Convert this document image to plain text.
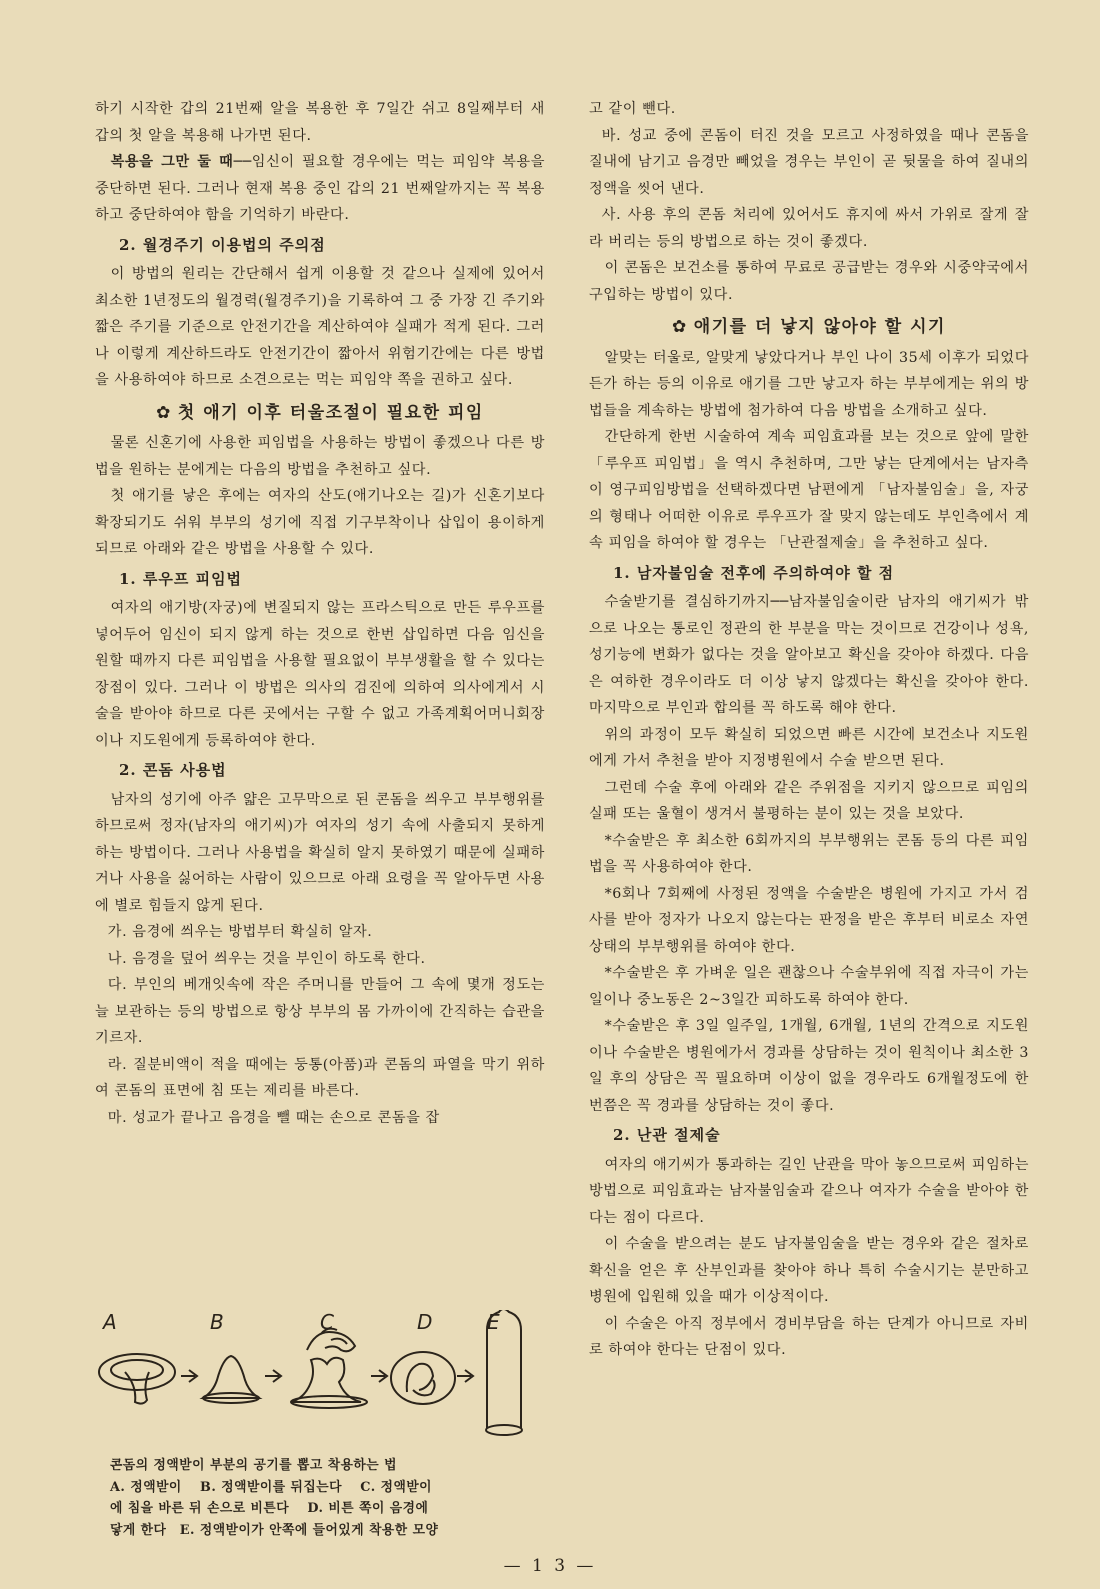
하기 시작한 갑의 21번째 알을 복용한 후 7일간 쉬고 8일째부터 새 갑의 첫 알을 복용해 나가면 된다.

복용을 그만 둘 때──임신이 필요할 경우에는 먹는 피임약 복용을 중단하면 된다. 그러나 현재 복용 중인 갑의 21 번째알까지는 꼭 복용하고 중단하여야 함을 기억하기 바란다.

2. 월경주기 이용법의 주의점

이 방법의 원리는 간단해서 쉽게 이용할 것 같으나 실제에 있어서 최소한 1년정도의 월경력(월경주기)을 기록하여 그 중 가장 긴 주기와 짧은 주기를 기준으로 안전기간을 계산하여야 실패가 적게 된다. 그러나 이렇게 계산하드라도 안전기간이 짧아서 위험기간에는 다른 방법을 사용하여야 하므로 소견으로는 먹는 피임약 쪽을 권하고 싶다.

✿ 첫 애기 이후 터울조절이 필요한 피임

물론 신혼기에 사용한 피임법을 사용하는 방법이 좋겠으나 다른 방법을 원하는 분에게는 다음의 방법을 추천하고 싶다.

첫 애기를 낳은 후에는 여자의 산도(애기나오는 길)가 신혼기보다 확장되기도 쉬워 부부의 성기에 직접 기구부착이나 삽입이 용이하게 되므로 아래와 같은 방법을 사용할 수 있다.

1. 루우프 피임법

여자의 애기방(자궁)에 변질되지 않는 프라스틱으로 만든 루우프를 넣어두어 임신이 되지 않게 하는 것으로 한번 삽입하면 다음 임신을 원할 때까지 다른 피임법을 사용할 필요없이 부부생활을 할 수 있다는 장점이 있다. 그러나 이 방법은 의사의 검진에 의하여 의사에게서 시술을 받아야 하므로 다른 곳에서는 구할 수 없고 가족계획어머니회장이나 지도원에게 등록하여야 한다.

2. 콘돔 사용법

남자의 성기에 아주 얇은 고무막으로 된 콘돔을 씌우고 부부행위를 하므로써 정자(남자의 애기씨)가 여자의 성기 속에 사출되지 못하게 하는 방법이다. 그러나 사용법을 확실히 알지 못하였기 때문에 실패하거나 사용을 싫어하는 사람이 있으므로 아래 요령을 꼭 알아두면 사용에 별로 힘들지 않게 된다.

가. 음경에 씌우는 방법부터 확실히 알자.

나. 음경을 덮어 씌우는 것을 부인이 하도록 한다.

다. 부인의 베개잇속에 작은 주머니를 만들어 그 속에 몇개 정도는 늘 보관하는 등의 방법으로 항상 부부의 몸 가까이에 간직하는 습관을 기르자.

라. 질분비액이 적을 때에는 둥통(아품)과 콘돔의 파열을 막기 위하여 콘돔의 표면에 침 또는 제리를 바른다.

마. 성교가 끝나고 음경을 뺄 때는 손으로 콘돔을 잡

A	B	C	D	E

콘돔의 정액받이 부분의 공기를 뽑고 착용하는 법

A. 정액받이　 B. 정액받이를 뒤집는다　 C. 정액받이

에 침을 바른 뒤 손으로 비튼다　 D. 비튼 쪽이 음경에

닿게 한다　E. 정액받이가 안쪽에 들어있게 착용한 모양

고 같이 뺀다.

바. 성교 중에 콘돔이 터진 것을 모르고 사정하였을 때나 콘돔을 질내에 남기고 음경만 빼었을 경우는 부인이 곧 뒷물을 하여 질내의 정액을 씻어 낸다.

사. 사용 후의 콘돔 처리에 있어서도 휴지에 싸서 가위로 잘게 잘라 버리는 등의 방법으로 하는 것이 좋겠다.

이 콘돔은 보건소를 통하여 무료로 공급받는 경우와 시중약국에서 구입하는 방법이 있다.

✿ 애기를 더 낳지 않아야 할 시기

알맞는 터울로, 알맞게 낳았다거나 부인 나이 35세 이후가 되었다든가 하는 등의 이유로 애기를 그만 낳고자 하는 부부에게는 위의 방법들을 계속하는 방법에 첨가하여 다음 방법을 소개하고 싶다.

간단하게 한번 시술하여 계속 피임효과를 보는 것으로 앞에 말한 「루우프 피임법」을 역시 추천하며, 그만 낳는 단계에서는 남자측이 영구피임방법을 선택하겠다면 남편에게 「남자불임술」을, 자궁의 형태나 어떠한 이유로 루우프가 잘 맞지 않는데도 부인측에서 계속 피임을 하여야 할 경우는 「난관절제술」을 추천하고 싶다.

1. 남자불임술 전후에 주의하여야 할 점

수술받기를 결심하기까지──남자불임술이란 남자의 애기씨가 밖으로 나오는 통로인 정관의 한 부분을 막는 것이므로 건강이나 성욕, 성기능에 변화가 없다는 것을 알아보고 확신을 갖아야 하겠다. 다음은 여하한 경우이라도 더 이상 낳지 않겠다는 확신을 갖아야 한다. 마지막으로 부인과 합의를 꼭 하도록 해야 한다.

위의 과정이 모두 확실히 되었으면 빠른 시간에 보건소나 지도원에게 가서 추천을 받아 지정병원에서 수술 받으면 된다.

그런데 수술 후에 아래와 같은 주위점을 지키지 않으므로 피임의 실패 또는 울혈이 생겨서 불평하는 분이 있는 것을 보았다.

*수술받은 후 최소한 6회까지의 부부행위는 콘돔 등의 다른 피임법을 꼭 사용하여야 한다.

*6회나 7회째에 사정된 정액을 수술받은 병원에 가지고 가서 검사를 받아 정자가 나오지 않는다는 판정을 받은 후부터 비로소 자연상태의 부부행위를 하여야 한다.

*수술받은 후 가벼운 일은 괜찮으나 수술부위에 직접 자극이 가는 일이나 중노동은 2~3일간 피하도록 하여야 한다.

*수술받은 후 3일 일주일, 1개월, 6개월, 1년의 간격으로 지도원이나 수술받은 병원에가서 경과를 상담하는 것이 원칙이나 최소한 3일 후의 상담은 꼭 필요하며 이상이 없을 경우라도 6개월정도에 한번쯤은 꼭 경과를 상담하는 것이 좋다.

2. 난관 절제술

여자의 애기씨가 통과하는 길인 난관을 막아 놓으므로써 피임하는 방법으로 피임효과는 남자불임술과 같으나 여자가 수술을 받아야 한다는 점이 다르다.

이 수술을 받으려는 분도 남자불임술을 받는 경우와 같은 절차로 확신을 얻은 후 산부인과를 찾아야 하나 특히 수술시기는 분만하고 병원에 입원해 있을 때가 이상적이다.

이 수술은 아직 정부에서 경비부담을 하는 단계가 아니므로 자비로 하여야 한다는 단점이 있다.

— 1 3 —
